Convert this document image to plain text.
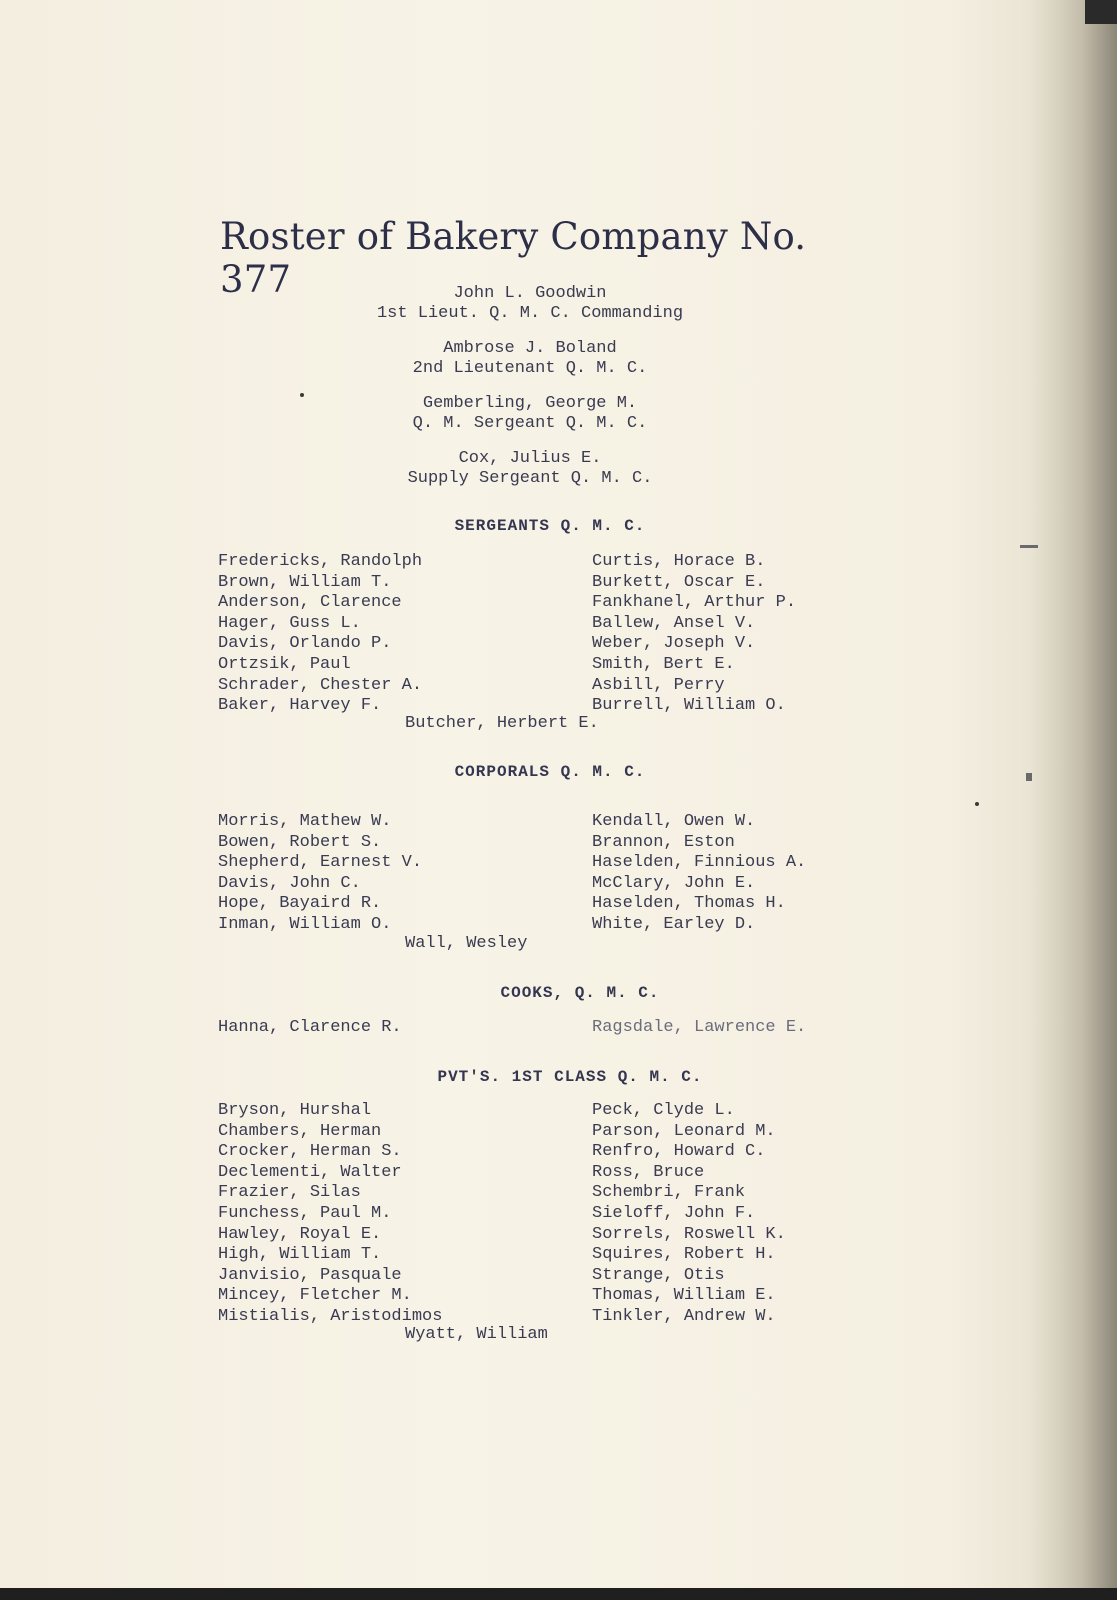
Roster of Bakery Company No. 377	John L. Goodwin
1st Lieut. Q. M. C. Commanding
Ambrose J. Boland
2nd Lieutenant Q. M. C.
Gemberling, George M.
Q. M. Sergeant Q. M. C.
Cox, Julius E.
Supply Sergeant Q. M. C.
SERGEANTS Q. M. C.
Fredericks, Randolph
Brown, William T.
Anderson, Clarence
Hager, Guss L.
Davis, Orlando P.
Ortzsik, Paul
Schrader, Chester A.
Baker, Harvey F.
Curtis, Horace B.
Burkett, Oscar E.
Fankhanel, Arthur P.
Ballew, Ansel V.
Weber, Joseph V.
Smith, Bert E.
Asbill, Perry
Burrell, William O.
Butcher, Herbert E.
CORPORALS Q. M. C.
Morris, Mathew W.
Bowen, Robert S.
Shepherd, Earnest V.
Davis, John C.
Hope, Bayaird R.
Inman, William O.
Kendall, Owen W.
Brannon, Eston
Haselden, Finnious A.
McClary, John E.
Haselden, Thomas H.
White, Earley D.
Wall, Wesley
COOKS, Q. M. C.
Hanna, Clarence R.	Ragsdale, Lawrence E.
PVT'S. 1ST CLASS Q. M. C.
Bryson, Hurshal
Chambers, Herman
Crocker, Herman S.
Declementi, Walter
Frazier, Silas
Funchess, Paul M.
Hawley, Royal E.
High, William T.
Janvisio, Pasquale
Mincey, Fletcher M.
Mistialis, Aristodimos
Peck, Clyde L.
Parson, Leonard M.
Renfro, Howard C.
Ross, Bruce
Schembri, Frank
Sieloff, John F.
Sorrels, Roswell K.
Squires, Robert H.
Strange, Otis
Thomas, William E.
Tinkler, Andrew W.
Wyatt, William
